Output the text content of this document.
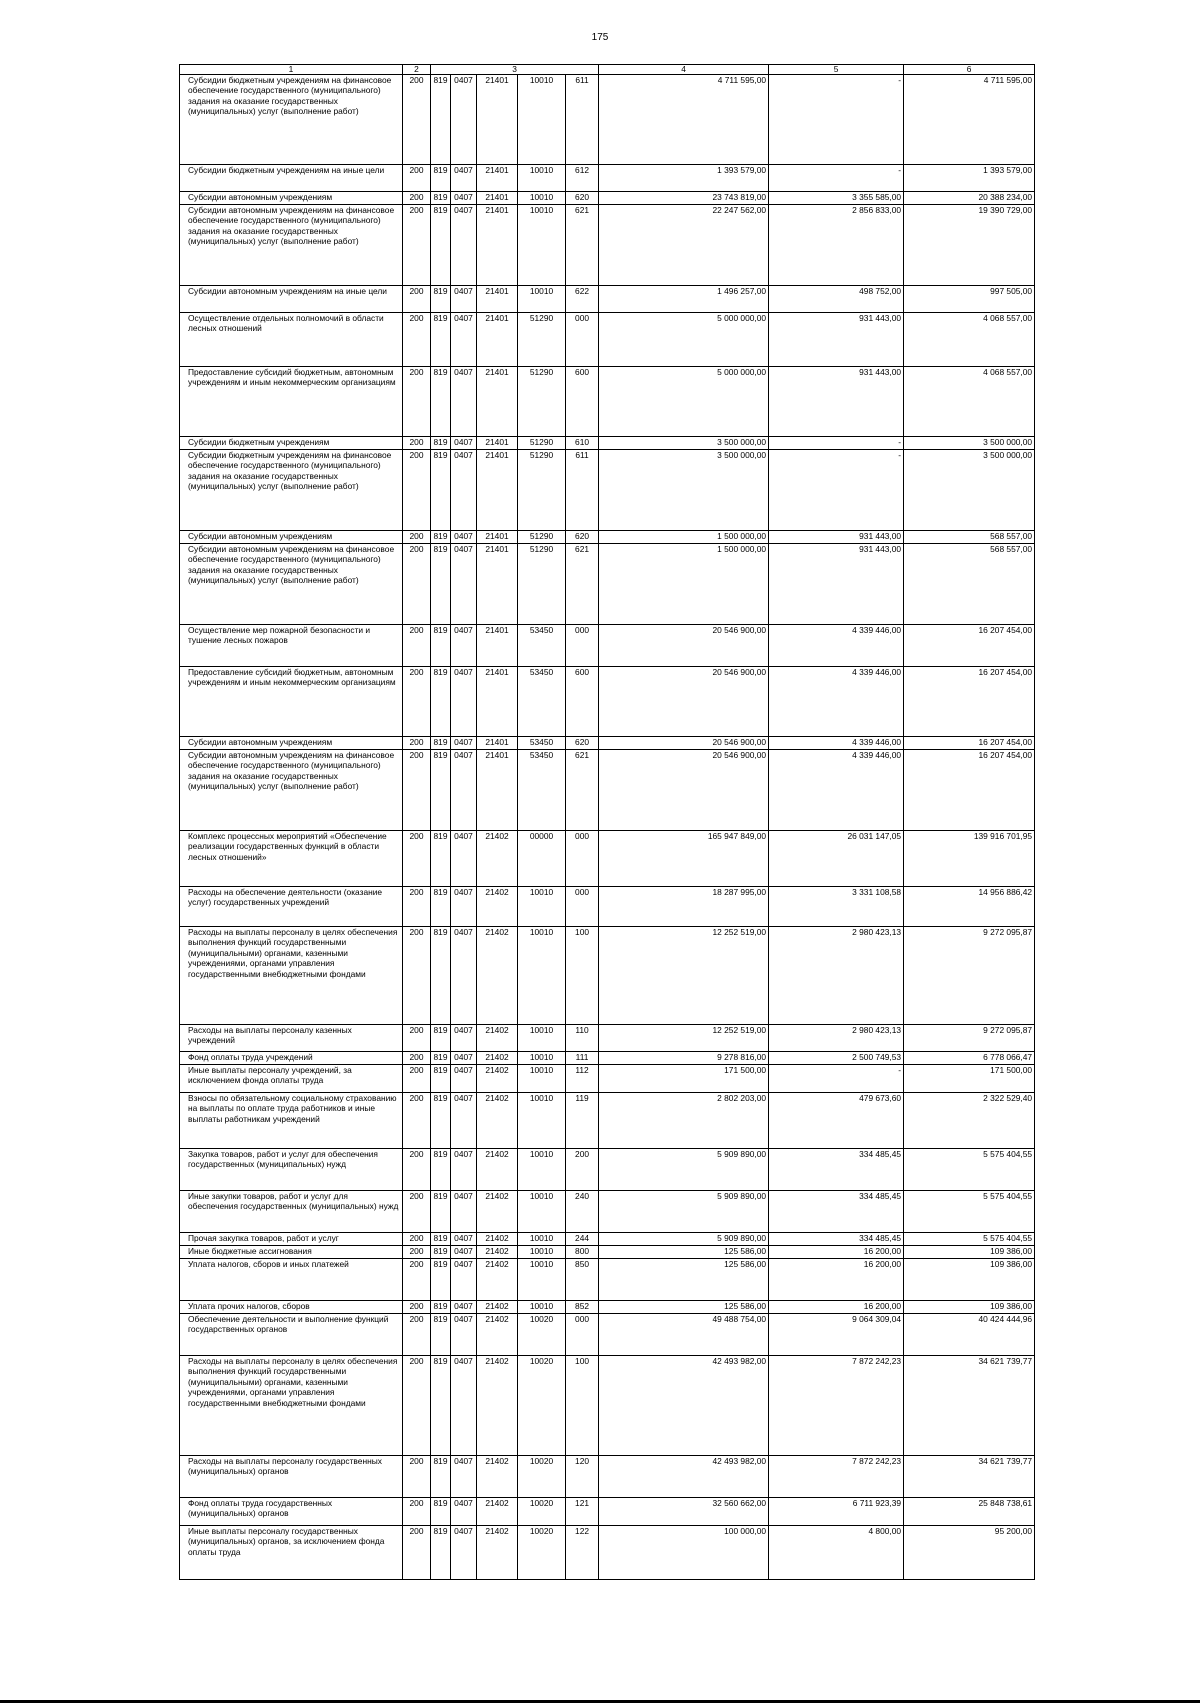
175
1	2	3					4	5	6
Субсидии бюджетным учреждениям на финансовое обеспечение государственного (муниципального) задания на оказание государственных (муниципальных) услуг (выполнение работ)	200	819	0407	21401	10010	611	4 711 595,00	-	4 711 595,00
Субсидии бюджетным учреждениям на иные цели	200	819	0407	21401	10010	612	1 393 579,00	-	1 393 579,00
Субсидии автономным учреждениям	200	819	0407	21401	10010	620	23 743 819,00	3 355 585,00	20 388 234,00
Субсидии автономным учреждениям на финансовое обеспечение государственного (муниципального) задания на оказание государственных (муниципальных) услуг (выполнение работ)	200	819	0407	21401	10010	621	22 247 562,00	2 856 833,00	19 390 729,00
Субсидии автономным учреждениям на иные цели	200	819	0407	21401	10010	622	1 496 257,00	498 752,00	997 505,00
Осуществление отдельных полномочий в области лесных отношений	200	819	0407	21401	51290	000	5 000 000,00	931 443,00	4 068 557,00
Предоставление субсидий бюджетным, автономным учреждениям и иным некоммерческим организациям	200	819	0407	21401	51290	600	5 000 000,00	931 443,00	4 068 557,00
Субсидии бюджетным учреждениям	200	819	0407	21401	51290	610	3 500 000,00	-	3 500 000,00
Субсидии бюджетным учреждениям на финансовое обеспечение государственного (муниципального) задания на оказание государственных (муниципальных) услуг (выполнение работ)	200	819	0407	21401	51290	611	3 500 000,00	-	3 500 000,00
Субсидии автономным учреждениям	200	819	0407	21401	51290	620	1 500 000,00	931 443,00	568 557,00
Субсидии автономным учреждениям на финансовое обеспечение государственного (муниципального) задания на оказание государственных (муниципальных) услуг (выполнение работ)	200	819	0407	21401	51290	621	1 500 000,00	931 443,00	568 557,00
Осуществление мер пожарной безопасности и тушение лесных пожаров	200	819	0407	21401	53450	000	20 546 900,00	4 339 446,00	16 207 454,00
Предоставление субсидий бюджетным, автономным учреждениям и иным некоммерческим организациям	200	819	0407	21401	53450	600	20 546 900,00	4 339 446,00	16 207 454,00
Субсидии автономным учреждениям	200	819	0407	21401	53450	620	20 546 900,00	4 339 446,00	16 207 454,00
Субсидии автономным учреждениям на финансовое обеспечение государственного (муниципального) задания на оказание государственных (муниципальных) услуг (выполнение работ)	200	819	0407	21401	53450	621	20 546 900,00	4 339 446,00	16 207 454,00
Комплекс процессных мероприятий «Обеспечение реализации государственных функций в области лесных отношений»	200	819	0407	21402	00000	000	165 947 849,00	26 031 147,05	139 916 701,95
Расходы на обеспечение деятельности (оказание услуг) государственных учреждений	200	819	0407	21402	10010	000	18 287 995,00	3 331 108,58	14 956 886,42
Расходы на выплаты персоналу в целях обеспечения выполнения функций государственными (муниципальными) органами, казенными учреждениями, органами управления государственными внебюджетными фондами	200	819	0407	21402	10010	100	12 252 519,00	2 980 423,13	9 272 095,87
Расходы на выплаты персоналу казенных учреждений	200	819	0407	21402	10010	110	12 252 519,00	2 980 423,13	9 272 095,87
Фонд оплаты труда учреждений	200	819	0407	21402	10010	111	9 278 816,00	2 500 749,53	6 778 066,47
Иные выплаты персоналу учреждений, за исключением фонда оплаты труда	200	819	0407	21402	10010	112	171 500,00	-	171 500,00
Взносы по обязательному социальному страхованию на выплаты по оплате труда работников и иные выплаты работникам учреждений	200	819	0407	21402	10010	119	2 802 203,00	479 673,60	2 322 529,40
Закупка товаров, работ и услуг для обеспечения государственных (муниципальных) нужд	200	819	0407	21402	10010	200	5 909 890,00	334 485,45	5 575 404,55
Иные закупки товаров, работ и услуг для обеспечения государственных (муниципальных) нужд	200	819	0407	21402	10010	240	5 909 890,00	334 485,45	5 575 404,55
Прочая закупка товаров, работ и услуг	200	819	0407	21402	10010	244	5 909 890,00	334 485,45	5 575 404,55
Иные бюджетные ассигнования	200	819	0407	21402	10010	800	125 586,00	16 200,00	109 386,00
Уплата налогов, сборов и иных платежей	200	819	0407	21402	10010	850	125 586,00	16 200,00	109 386,00
Уплата прочих налогов, сборов	200	819	0407	21402	10010	852	125 586,00	16 200,00	109 386,00
Обеспечение деятельности и выполнение функций государственных органов	200	819	0407	21402	10020	000	49 488 754,00	9 064 309,04	40 424 444,96
Расходы на выплаты персоналу в целях обеспечения выполнения функций государственными (муниципальными) органами, казенными учреждениями, органами управления государственными внебюджетными фондами	200	819	0407	21402	10020	100	42 493 982,00	7 872 242,23	34 621 739,77
Расходы на выплаты персоналу государственных (муниципальных) органов	200	819	0407	21402	10020	120	42 493 982,00	7 872 242,23	34 621 739,77
Фонд оплаты труда государственных (муниципальных) органов	200	819	0407	21402	10020	121	32 560 662,00	6 711 923,39	25 848 738,61
Иные выплаты персоналу государственных (муниципальных) органов, за исключением фонда оплаты труда	200	819	0407	21402	10020	122	100 000,00	4 800,00	95 200,00
